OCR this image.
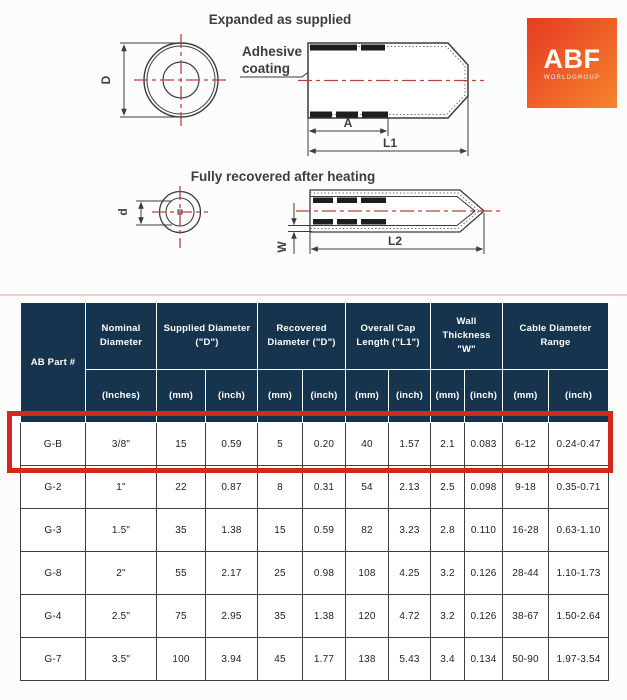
Expanded as supplied
D
Adhesive
coating
A
L1
Fully recovered after heating
d
W	L2
ABF
WORLDGROUP
AB Part #	Nominal Diameter	Supplied Diameter ("D")		Recovered Diameter ("D")		Overall Cap Length ("L1")		Wall Thickness "W"		Cable Diameter Range	
	(Inches)	(mm)	(inch)	(mm)	(inch)	(mm)	(inch)	(mm)	(inch)	(mm)	(inch)
G-B	3/8"	15	0.59	5	0.20	40	1.57	2.1	0.083	6-12	0.24-0.47
G-2	1"	22	0.87	8	0.31	54	2.13	2.5	0.098	9-18	0.35-0.71
G-3	1.5"	35	1.38	15	0.59	82	3.23	2.8	0.110	16-28	0.63-1.10
G-8	2"	55	2.17	25	0.98	108	4.25	3.2	0.126	28-44	1.10-1.73
G-4	2.5"	75	2.95	35	1.38	120	4.72	3.2	0.126	38-67	1.50-2.64
G-7	3.5"	100	3.94	45	1.77	138	5.43	3.4	0.134	50-90	1.97-3.54
